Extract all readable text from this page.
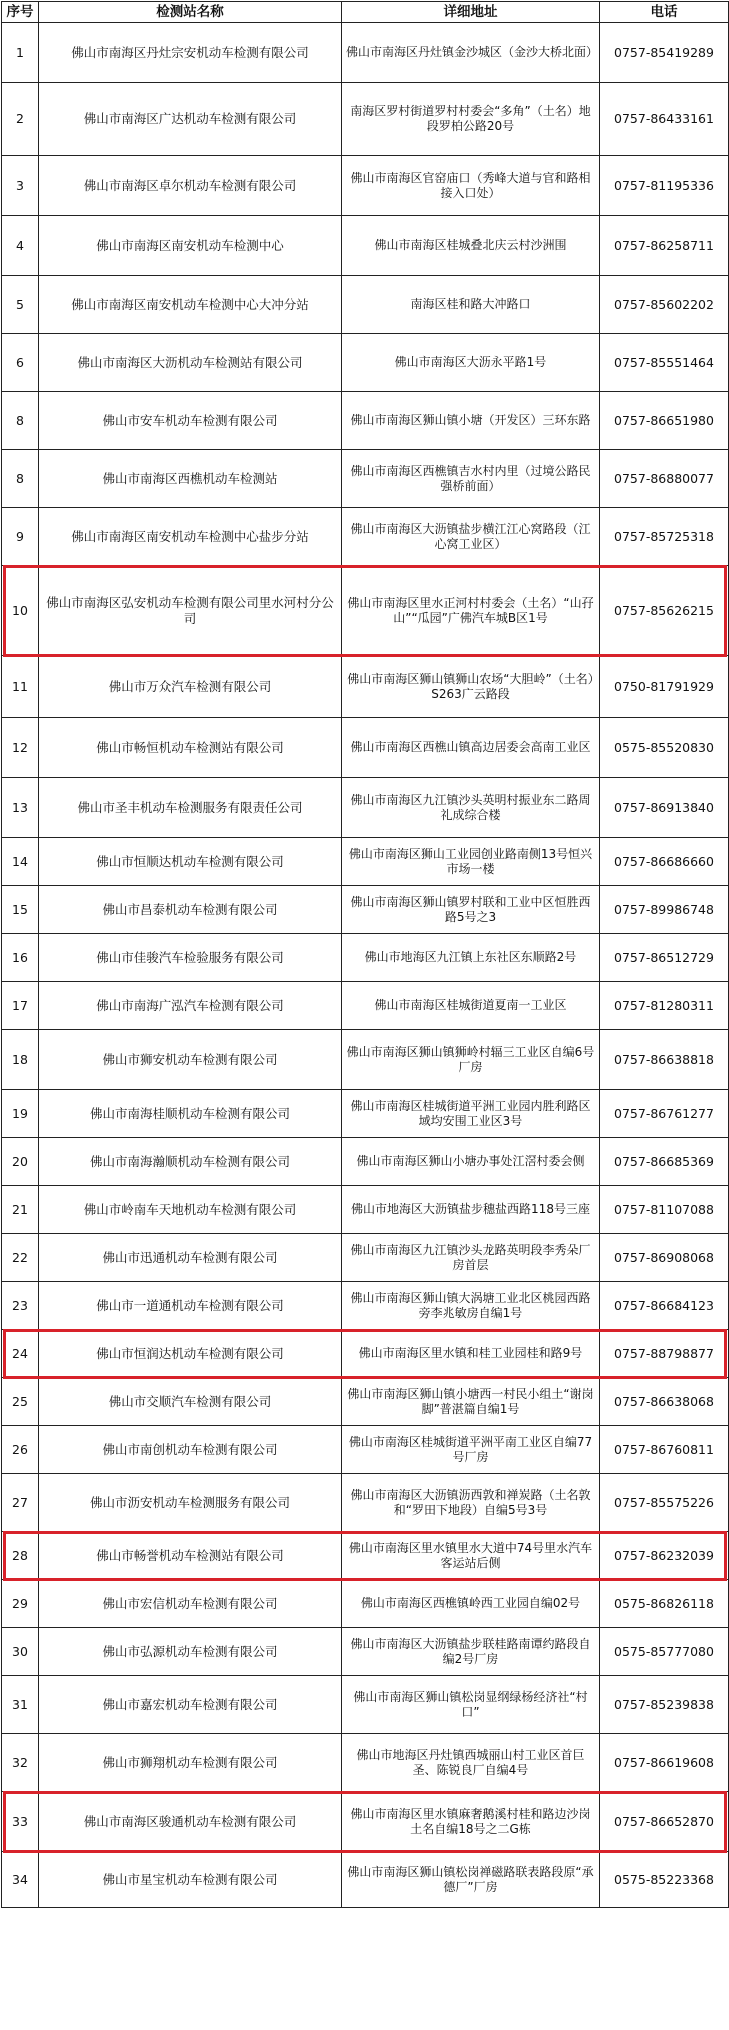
序号	检测站名称	详细地址	电话
1	佛山市南海区丹灶宗安机动车检测有限公司	佛山市南海区丹灶镇金沙城区（金沙大桥北面）	0757-85419289
2	佛山市南海区广达机动车检测有限公司	南海区罗村街道罗村村委会“多角”（土名）地段罗柏公路20号	0757-86433161
3	佛山市南海区卓尔机动车检测有限公司	佛山市南海区官窑庙口（秀峰大道与官和路相接入口处）	0757-81195336
4	佛山市南海区南安机动车检测中心	佛山市南海区桂城叠北庆云村沙洲围	0757-86258711
5	佛山市南海区南安机动车检测中心大冲分站	南海区桂和路大冲路口	0757-85602202
6	佛山市南海区大沥机动车检测站有限公司	佛山市南海区大沥永平路1号	0757-85551464
8	佛山市安车机动车检测有限公司	佛山市南海区狮山镇小塘（开发区）三环东路	0757-86651980
8	佛山市南海区西樵机动车检测站	佛山市南海区西樵镇吉水村内里（过境公路民强桥前面）	0757-86880077
9	佛山市南海区南安机动车检测中心盐步分站	佛山市南海区大沥镇盐步横江江心窝路段（江心窝工业区）	0757-85725318
10	佛山市南海区弘安机动车检测有限公司里水河村分公司	佛山市南海区里水正河村村委会（土名）“山孖山”“瓜园”广佛汽车城B区1号	0757-85626215
11	佛山市万众汽车检测有限公司	佛山市南海区狮山镇狮山农场“大胆岭”（土名）S263广云路段	0750-81791929
12	佛山市畅恒机动车检测站有限公司	佛山市南海区西樵山镇高边居委会高南工业区	0575-85520830
13	佛山市圣丰机动车检测服务有限责任公司	佛山市南海区九江镇沙头英明村振业东二路周礼成综合楼	0757-86913840
14	佛山市恒顺达机动车检测有限公司	佛山市南海区狮山工业园创业路南侧13号恒兴市场一楼	0757-86686660
15	佛山市昌泰机动车检测有限公司	佛山市南海区狮山镇罗村联和工业中区恒胜西路5号之3	0757-89986748
16	佛山市佳骏汽车检验服务有限公司	佛山市地海区九江镇上东社区东顺路2号	0757-86512729
17	佛山市南海广泓汽车检测有限公司	佛山市南海区桂城街道夏南一工业区	0757-81280311
18	佛山市狮安机动车检测有限公司	佛山市南海区狮山镇狮岭村辐三工业区自编6号厂房	0757-86638818
19	佛山市南海桂顺机动车检测有限公司	佛山市南海区桂城街道平洲工业园内胜利路区域均安围工业区3号	0757-86761277
20	佛山市南海瀚顺机动车检测有限公司	佛山市南海区狮山小塘办事处江滘村委会侧	0757-86685369
21	佛山市岭南车天地机动车检测有限公司	佛山市地海区大沥镇盐步穗盐西路118号三座	0757-81107088
22	佛山市迅通机动车检测有限公司	佛山市南海区九江镇沙头龙路英明段李秀朵厂房首层	0757-86908068
23	佛山市一道通机动车检测有限公司	佛山市南海区狮山镇大涡塘工业北区桃园西路旁李兆敏房自编1号	0757-86684123
24	佛山市恒润达机动车检测有限公司	佛山市南海区里水镇和桂工业园桂和路9号	0757-88798877
25	佛山市交顺汽车检测有限公司	佛山市南海区狮山镇小塘西一村民小组土“谢岗脚”普湛篇自编1号	0757-86638068
26	佛山市南创机动车检测有限公司	佛山市南海区桂城街道平洲平南工业区自编77号厂房	0757-86760811
27	佛山市沥安机动车检测服务有限公司	佛山市南海区大沥镇沥西敦和禅炭路（土名敦和“罗田下地段）自编5号3号	0757-85575226
28	佛山市畅誉机动车检测站有限公司	佛山市南海区里水镇里水大道中74号里水汽车客运站后侧	0757-86232039
29	佛山市宏信机动车检测有限公司	佛山市南海区西樵镇岭西工业园自编02号	0575-86826118
30	佛山市弘源机动车检测有限公司	佛山市南海区大沥镇盐步联桂路南谭约路段自编2号厂房	0575-85777080
31	佛山市嘉宏机动车检测有限公司	佛山市南海区狮山镇松岗显纲绿杨经济社“村口”	0757-85239838
32	佛山市狮翔机动车检测有限公司	佛山市地海区丹灶镇西城丽山村工业区首巨圣、陈锐良厂自编4号	0757-86619608
33	佛山市南海区骏通机动车检测有限公司	佛山市南海区里水镇麻奢鹅溪村桂和路边沙岗土名自编18号之二G栋	0757-86652870
34	佛山市星宝机动车检测有限公司	佛山市南海区狮山镇松岗禅磁路联表路段原“承德厂”厂房	0575-85223368
